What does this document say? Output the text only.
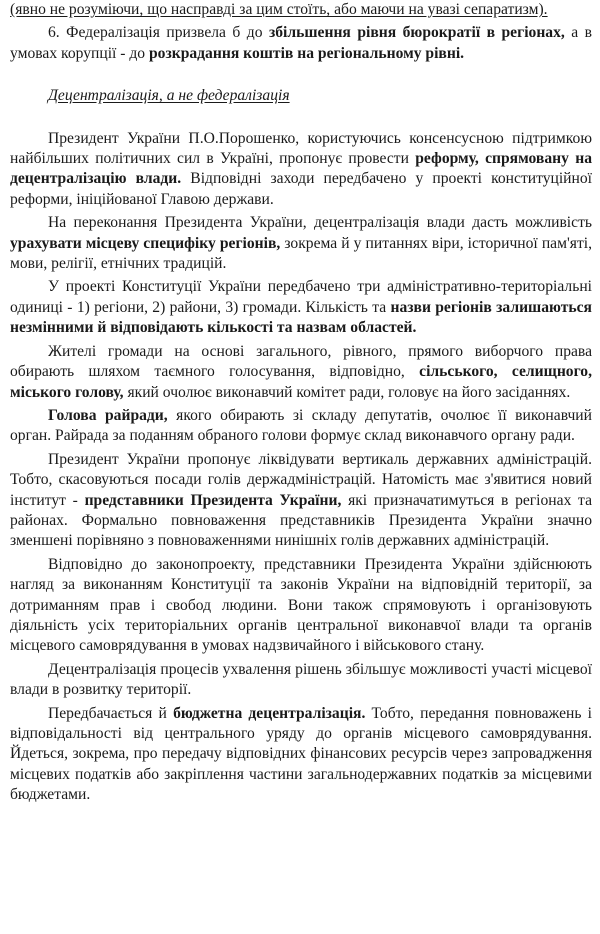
(явно не розуміючи, що насправді за цим стоїть, або маючи на увазі сепаратизм).

6. Федералізація призвела б до збільшення рівня бюрократії в регіонах, а в умовах корупції - до розкрадання коштів на регіональному рівні.

Децентралізація, а не федералізація

Президент України П.О.Порошенко, користуючись консенсусною підтримкою найбільших політичних сил в Україні, пропонує провести реформу, спрямовану на децентралізацію влади. Відповідні заходи передбачено у проекті конституційної реформи, ініційованої Главою держави.

На переконання Президента України, децентралізація влади дасть можливість урахувати місцеву специфіку регіонів, зокрема й у питаннях віри, історичної пам'яті, мови, релігії, етнічних традицій.

У проекті Конституції України передбачено три адміністративно-територіальні одиниці - 1) регіони, 2) райони, 3) громади. Кількість та назви регіонів залишаються незмінними й відповідають кількості та назвам областей.

Жителі громади на основі загального, рівного, прямого виборчого права обирають шляхом таємного голосування, відповідно, сільського, селищного, міського голову, який очолює виконавчий комітет ради, головує на його засіданнях.

Голова райради, якого обирають зі складу депутатів, очолює її виконавчий орган. Райрада за поданням обраного голови формує склад виконавчого органу ради.

Президент України пропонує ліквідувати вертикаль державних адміністрацій. Тобто, скасовуються посади голів держадміністрацій. Натомість має з'явитися новий інститут - представники Президента України, які призначатимуться в регіонах та районах. Формально повноваження представників Президента України значно зменшені порівняно з повноваженнями нинішніх голів державних адміністрацій.

Відповідно до законопроекту, представники Президента України здійснюють нагляд за виконанням Конституції та законів України на відповідній території, за дотриманням прав і свобод людини. Вони також спрямовують і організовують діяльність усіх територіальних органів центральної виконавчої влади та органів місцевого самоврядування в умовах надзвичайного і військового стану.

Децентралізація процесів ухвалення рішень збільшує можливості участі місцевої влади в розвитку території.

Передбачається й бюджетна децентралізація. Тобто, передання повноважень і відповідальності від центрального уряду до органів місцевого самоврядування. Йдеться, зокрема, про передачу відповідних фінансових ресурсів через запровадження місцевих податків або закріплення частини загальнодержавних податків за місцевими бюджетами.
